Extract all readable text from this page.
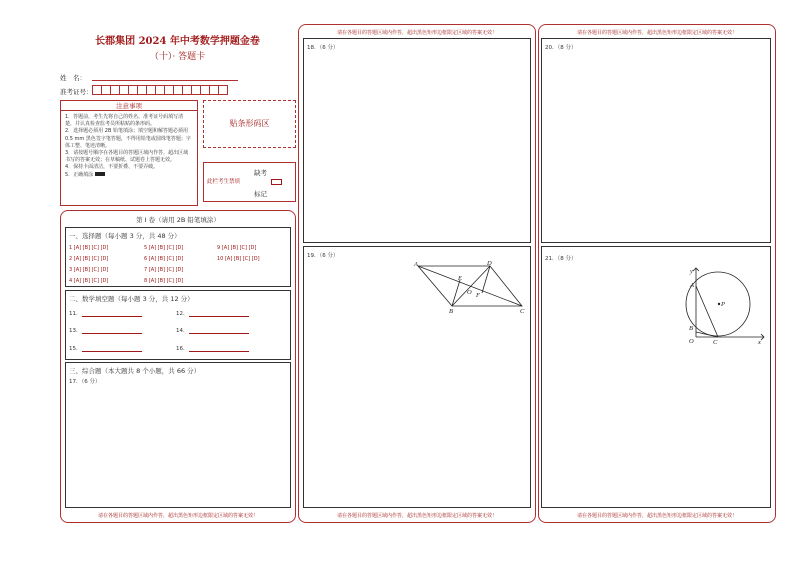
长郡集团 2024 年中考数学押题金卷
（十）· 答题卡
姓　名：
准考证号：
注意事项
1．答题前，考生先将自己的姓名、准考证号码填写清楚，并认真检查监考员所粘贴的条形码。
2．选择题必须用 2B 铅笔填涂；填空题和解答题必须用 0.5 mm 黑色签字笔答题，不得用铅笔或圆珠笔答题；字体工整、笔迹清晰。
3．请按题号顺序在各题目的答题区域内作答，超出区域书写的答案无效；在草稿纸、试题卷上答题无效。
4．保持卡面清洁，不要折叠、不要弄破。
5．正确填涂
贴条形码区
此栏考生禁填
缺考
标记
第 I 卷（请用 2B 铅笔填涂）
一、选择题（每小题 3 分，共 48 分）
1 [A] [B] [C] [D]	5 [A] [B] [C] [D]	9 [A] [B] [C] [D]
2 [A] [B] [C] [D]	6 [A] [B] [C] [D]	10 [A] [B] [C] [D]
3 [A] [B] [C] [D]	7 [A] [B] [C] [D]
4 [A] [B] [C] [D]	8 [A] [B] [C] [D]
二、数学填空题（每小题 3 分，共 12 分）
11．	12．
13．	14．
15．	16．
三、综合题（本大题共 8 个小题，共 66 分）
17．（6 分）
请在各题目的答题区域内作答，超出黑色矩形边框限定区域的答案无效！
请在各题目的答题区域内作答，超出黑色矩形边框限定区域的答案无效！
18．（6 分）
19．（6 分）
A	D
E
O F
B	C
请在各题目的答题区域内作答，超出黑色矩形边框限定区域的答案无效！
请在各题目的答题区域内作答，超出黑色矩形边框限定区域的答案无效！
20．（8 分）
21．（8 分）
y
A
P
B
O	C	x
请在各题目的答题区域内作答，超出黑色矩形边框限定区域的答案无效！
